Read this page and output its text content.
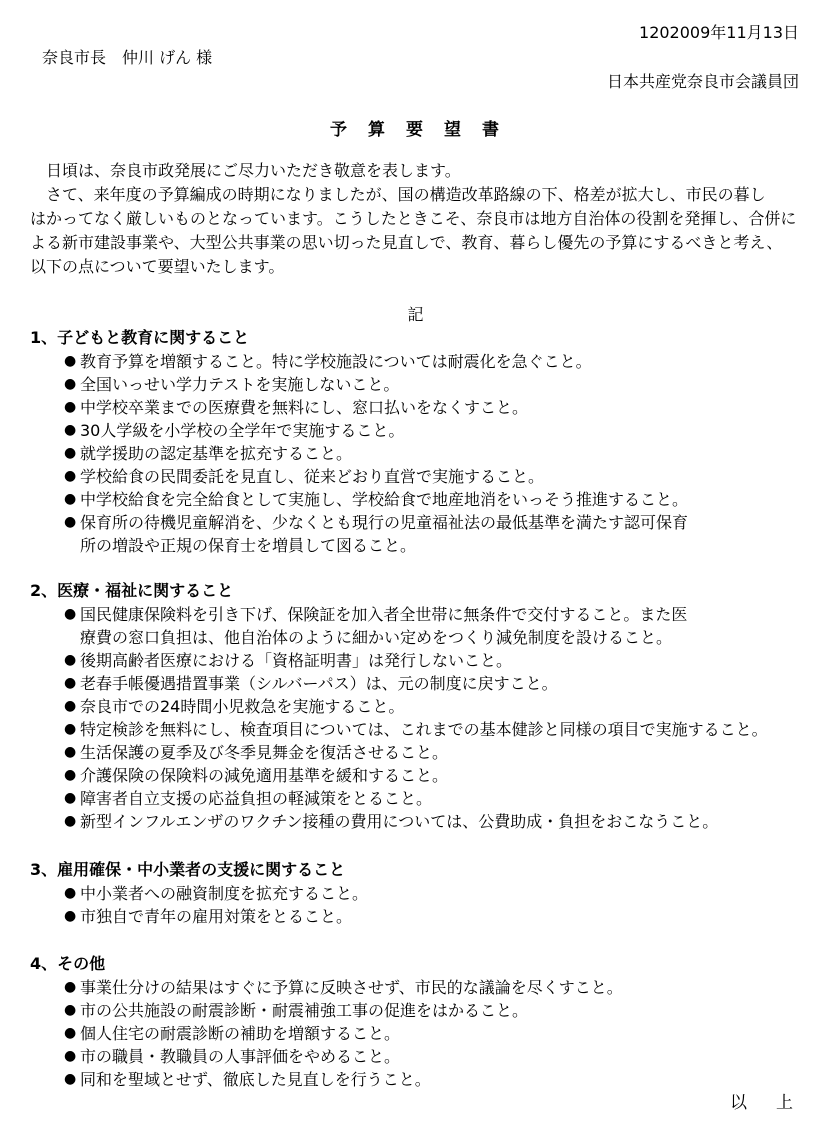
1202009年11月13日
奈良市長　仲川 げん 様
日本共産党奈良市会議員団
予　算　要　望　書

　日頃は、奈良市政発展にご尽力いただき敬意を表します。

　さて、来年度の予算編成の時期になりましたが、国の構造改革路線の下、格差が拡大し、市民の暮し

はかってなく厳しいものとなっています。こうしたときこそ、奈良市は地方自治体の役割を発揮し、合併に

よる新市建設事業や、大型公共事業の思い切った見直しで、教育、暮らし優先の予算にするべきと考え、

以下の点について要望いたします。

記
1、子どもと教育に関すること
● 教育予算を増額すること。特に学校施設については耐震化を急ぐこと。
● 全国いっせい学力テストを実施しないこと。
● 中学校卒業までの医療費を無料にし、窓口払いをなくすこと。
● 30人学級を小学校の全学年で実施すること。
● 就学援助の認定基準を拡充すること。
● 学校給食の民間委託を見直し、従来どおり直営で実施すること。
● 中学校給食を完全給食として実施し、学校給食で地産地消をいっそう推進すること。
● 保育所の待機児童解消を、少なくとも現行の児童福祉法の最低基準を満たす認可保育
所の増設や正規の保育士を増員して図ること。
2、医療・福祉に関すること
● 国民健康保険料を引き下げ、保険証を加入者全世帯に無条件で交付すること。また医
療費の窓口負担は、他自治体のように細かい定めをつくり減免制度を設けること。
● 後期高齢者医療における「資格証明書」は発行しないこと。
● 老春手帳優遇措置事業（シルバーパス）は、元の制度に戻すこと。
● 奈良市での24時間小児救急を実施すること。
● 特定検診を無料にし、検査項目については、これまでの基本健診と同様の項目で実施すること。
● 生活保護の夏季及び冬季見舞金を復活させること。
● 介護保険の保険料の減免適用基準を緩和すること。
● 障害者自立支援の応益負担の軽減策をとること。
● 新型インフルエンザのワクチン接種の費用については、公費助成・負担をおこなうこと。
3、雇用確保・中小業者の支援に関すること
● 中小業者への融資制度を拡充すること。
● 市独自で青年の雇用対策をとること。
4、その他
● 事業仕分けの結果はすぐに予算に反映させず、市民的な議論を尽くすこと。
● 市の公共施設の耐震診断・耐震補強工事の促進をはかること。
● 個人住宅の耐震診断の補助を増額すること。
● 市の職員・教職員の人事評価をやめること。
● 同和を聖域とせず、徹底した見直しを行うこと。
以　上
